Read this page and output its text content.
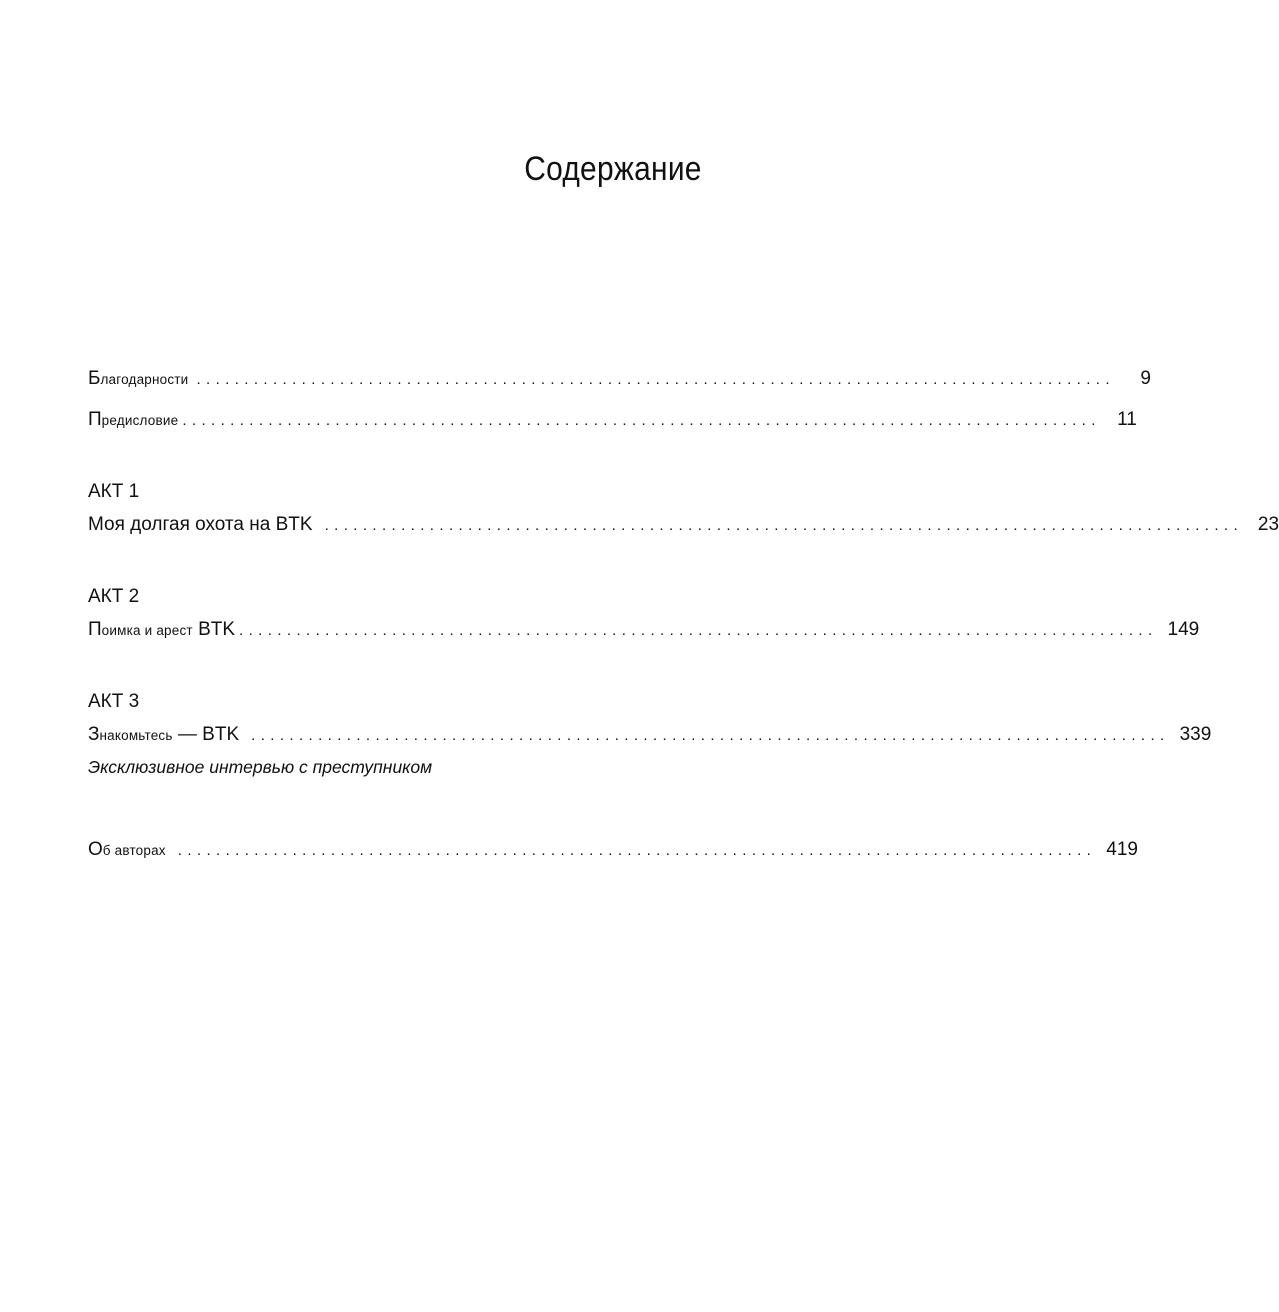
Содержание
Благодарности ................................................................................................	9
Предисловие ................................................................................................ 11
АКТ 1
Моя долгая охота на BTK ................................................................................................ 23
АКТ 2
Поимка и арест BTK ................................................................................................ 149
АКТ 3
Знакомьтесь — BTK ................................................................................................ 339
Эксклюзивное интервью с преступником
Об авторах ................................................................................................ 419
